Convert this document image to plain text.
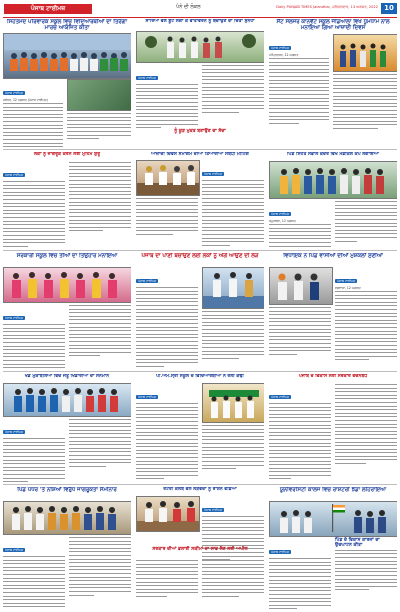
ਪੰਜਾਬ ਟਾਈਮਜ਼	ਪੰਨੇ ਦੀ ਲੋਕਲ	Daily PUNJAB TIMES Jalandhar, ਸ਼ਨਿਚਰਵਾਰ, 13 ਅਗਸਤ, 2022 10
ਸਿਹਤਮੰਦ ਪਰਿਵਾਰਕ ਸਕੂਲ ਵਿਚ ਵਿਦਿਆਰਥੀਆਂ ਦਾ ਤਿਰੰਗਾ ਮਾਰਚ ਆਯੋਜਿਤ ਕੀਤਾ
ਪੰਜਾਬ ਟਾਈਮਜ਼
ਜਲੰਧਰ, 12 ਅਗਸਤ (ਪੰਜਾਬ ਟਾਈਮਜ਼)
ਸਾਰਿਆਂ ਵੱਲੋਂ ਬੂਟੇ ਲਗਾ ਕੇ ਵਾਤਾਵਰਨ ਨੂੰ ਬਚਾਉਣ ਦਾ ਦਿੱਤਾ ਸੁਨੇਹਾ
ਪੰਜਾਬ ਟਾਈਮਜ਼
ਨੂੰ ਕੂੜ ਮੁਕਤ ਬਣਾਉਣ ਦਾ ਸੱਦਾ
ਸੈਂਟ ਸੋਲਜਰ ਕਾਨਵੈਂਟ ਸਕੂਲ ਜੰਡਿਆਲਾ ਵਿਖੇ ਧੂਮਧਾਮ ਨਾਲ ਮਨਾਇਆ ਗਿਆ ਆਜ਼ਾਦੀ ਦਿਵਸ
ਪੰਜਾਬ ਟਾਈਮਜ਼
ਅੰਮ੍ਰਿਤਸਰ, 12 ਅਗਸਤ
ਲੋਕਾਂ ਨੂੰ ਜਾਗਰੂਕ ਕਰਨ ਲਈ ਮੁਹਿੰਮ ਸ਼ੁਰੂ
ਪੰਜਾਬ ਟਾਈਮਜ਼
ਆਜ਼ਾਦੀ ਦਿਵਸ ਸਮਾਗਮ ਦੀਆਂ ਤਿਆਰੀਆਂ ਸਬੰਧੀ ਮੀਟਿੰਗ
ਪੰਜਾਬ ਟਾਈਮਜ਼
ਪਿੰਡ ਸਿਹਤ ਸੰਭਾਲ ਕੇਂਦਰ ਵਿਖੇ ਮੈਡੀਕਲ ਕੈਂਪ ਲਗਾਇਆ
ਪੰਜਾਬ ਟਾਈਮਜ਼
ਕਪੂਰਥਲਾ, 12 ਅਗਸਤ
ਸਰਕਾਰੀ ਸਕੂਲ ਵਿਚ ਤੀਆਂ ਦਾ ਤਿਉਹਾਰ ਮਨਾਇਆ
ਪੰਜਾਬ ਟਾਈਮਜ਼
ਪੰਜਾਬ ਦਾ ਪਾਣੀ ਬਚਾਉਣ ਲਈ ਲੋਕਾਂ ਨੂੰ ਅੱਗੇ ਆਉਣ ਦੀ ਲੋੜ
ਪੰਜਾਬ ਟਾਈਮਜ਼
ਵਿਧਾਇਕ ਨੇ ਪਿੰਡ ਵਾਸੀਆਂ ਦੀਆਂ ਮੁਸ਼ਕਲਾਂ ਸੁਣੀਆਂ
ਪੰਜਾਬ ਟਾਈਮਜ਼
ਫਗਵਾੜਾ, 12 ਅਗਸਤ
ਖੇਡ ਮੁਕਾਬਲਿਆਂ ਵਿਚ ਜੇਤੂ ਖਿਡਾਰੀਆਂ ਦਾ ਸਨਮਾਨ
ਪੰਜਾਬ ਟਾਈਮਜ਼
ਪੀ.ਐੱਮ.ਸ੍ਰੀ ਸਕੂਲ ਦੇ ਵਿਦਿਆਰਥੀਆਂ ਨੇ ਰੈਲੀ ਕੱਢੀ
ਪੰਜਾਬ ਟਾਈਮਜ਼
ਪੰਜਾਬ ਦੇ ਵਿਕਾਸ ਲਈ ਸਰਕਾਰ ਵਚਨਬੱਧ
ਪੰਜਾਬ ਟਾਈਮਜ਼
ਪਿੰਡ ਪੱਧਰ 'ਤੇ ਨਸ਼ਿਆਂ ਵਿਰੁੱਧ ਜਾਗਰੂਕਤਾ ਸੈਮੀਨਾਰ
ਪੰਜਾਬ ਟਾਈਮਜ਼
ਰੋਟਰੀ ਕਲੱਬ ਵੱਲੋਂ ਲੋੜਵੰਦਾਂ ਨੂੰ ਰਾਸ਼ਨ ਵੰਡਿਆ
ਪੰਜਾਬ ਟਾਈਮਜ਼
ਸਰਕਾਰ ਦੀਆਂ ਭਲਾਈ ਸਕੀਮਾਂ ਦਾ ਲਾਭ ਲੈਣ ਲਈ ਅਪੀਲ
ਯੂਨੀਵਰਸਿਟੀ ਕਾਲਜ ਵਿਚ ਰਾਸ਼ਟਰੀ ਝੰਡਾ ਲਹਿਰਾਇਆ
ਪੰਜਾਬ ਟਾਈਮਜ਼
ਪਿੰਡ ਦੇ ਵਿਕਾਸ ਕਾਰਜਾਂ ਦਾ ਉਦਘਾਟਨ ਕੀਤਾ
